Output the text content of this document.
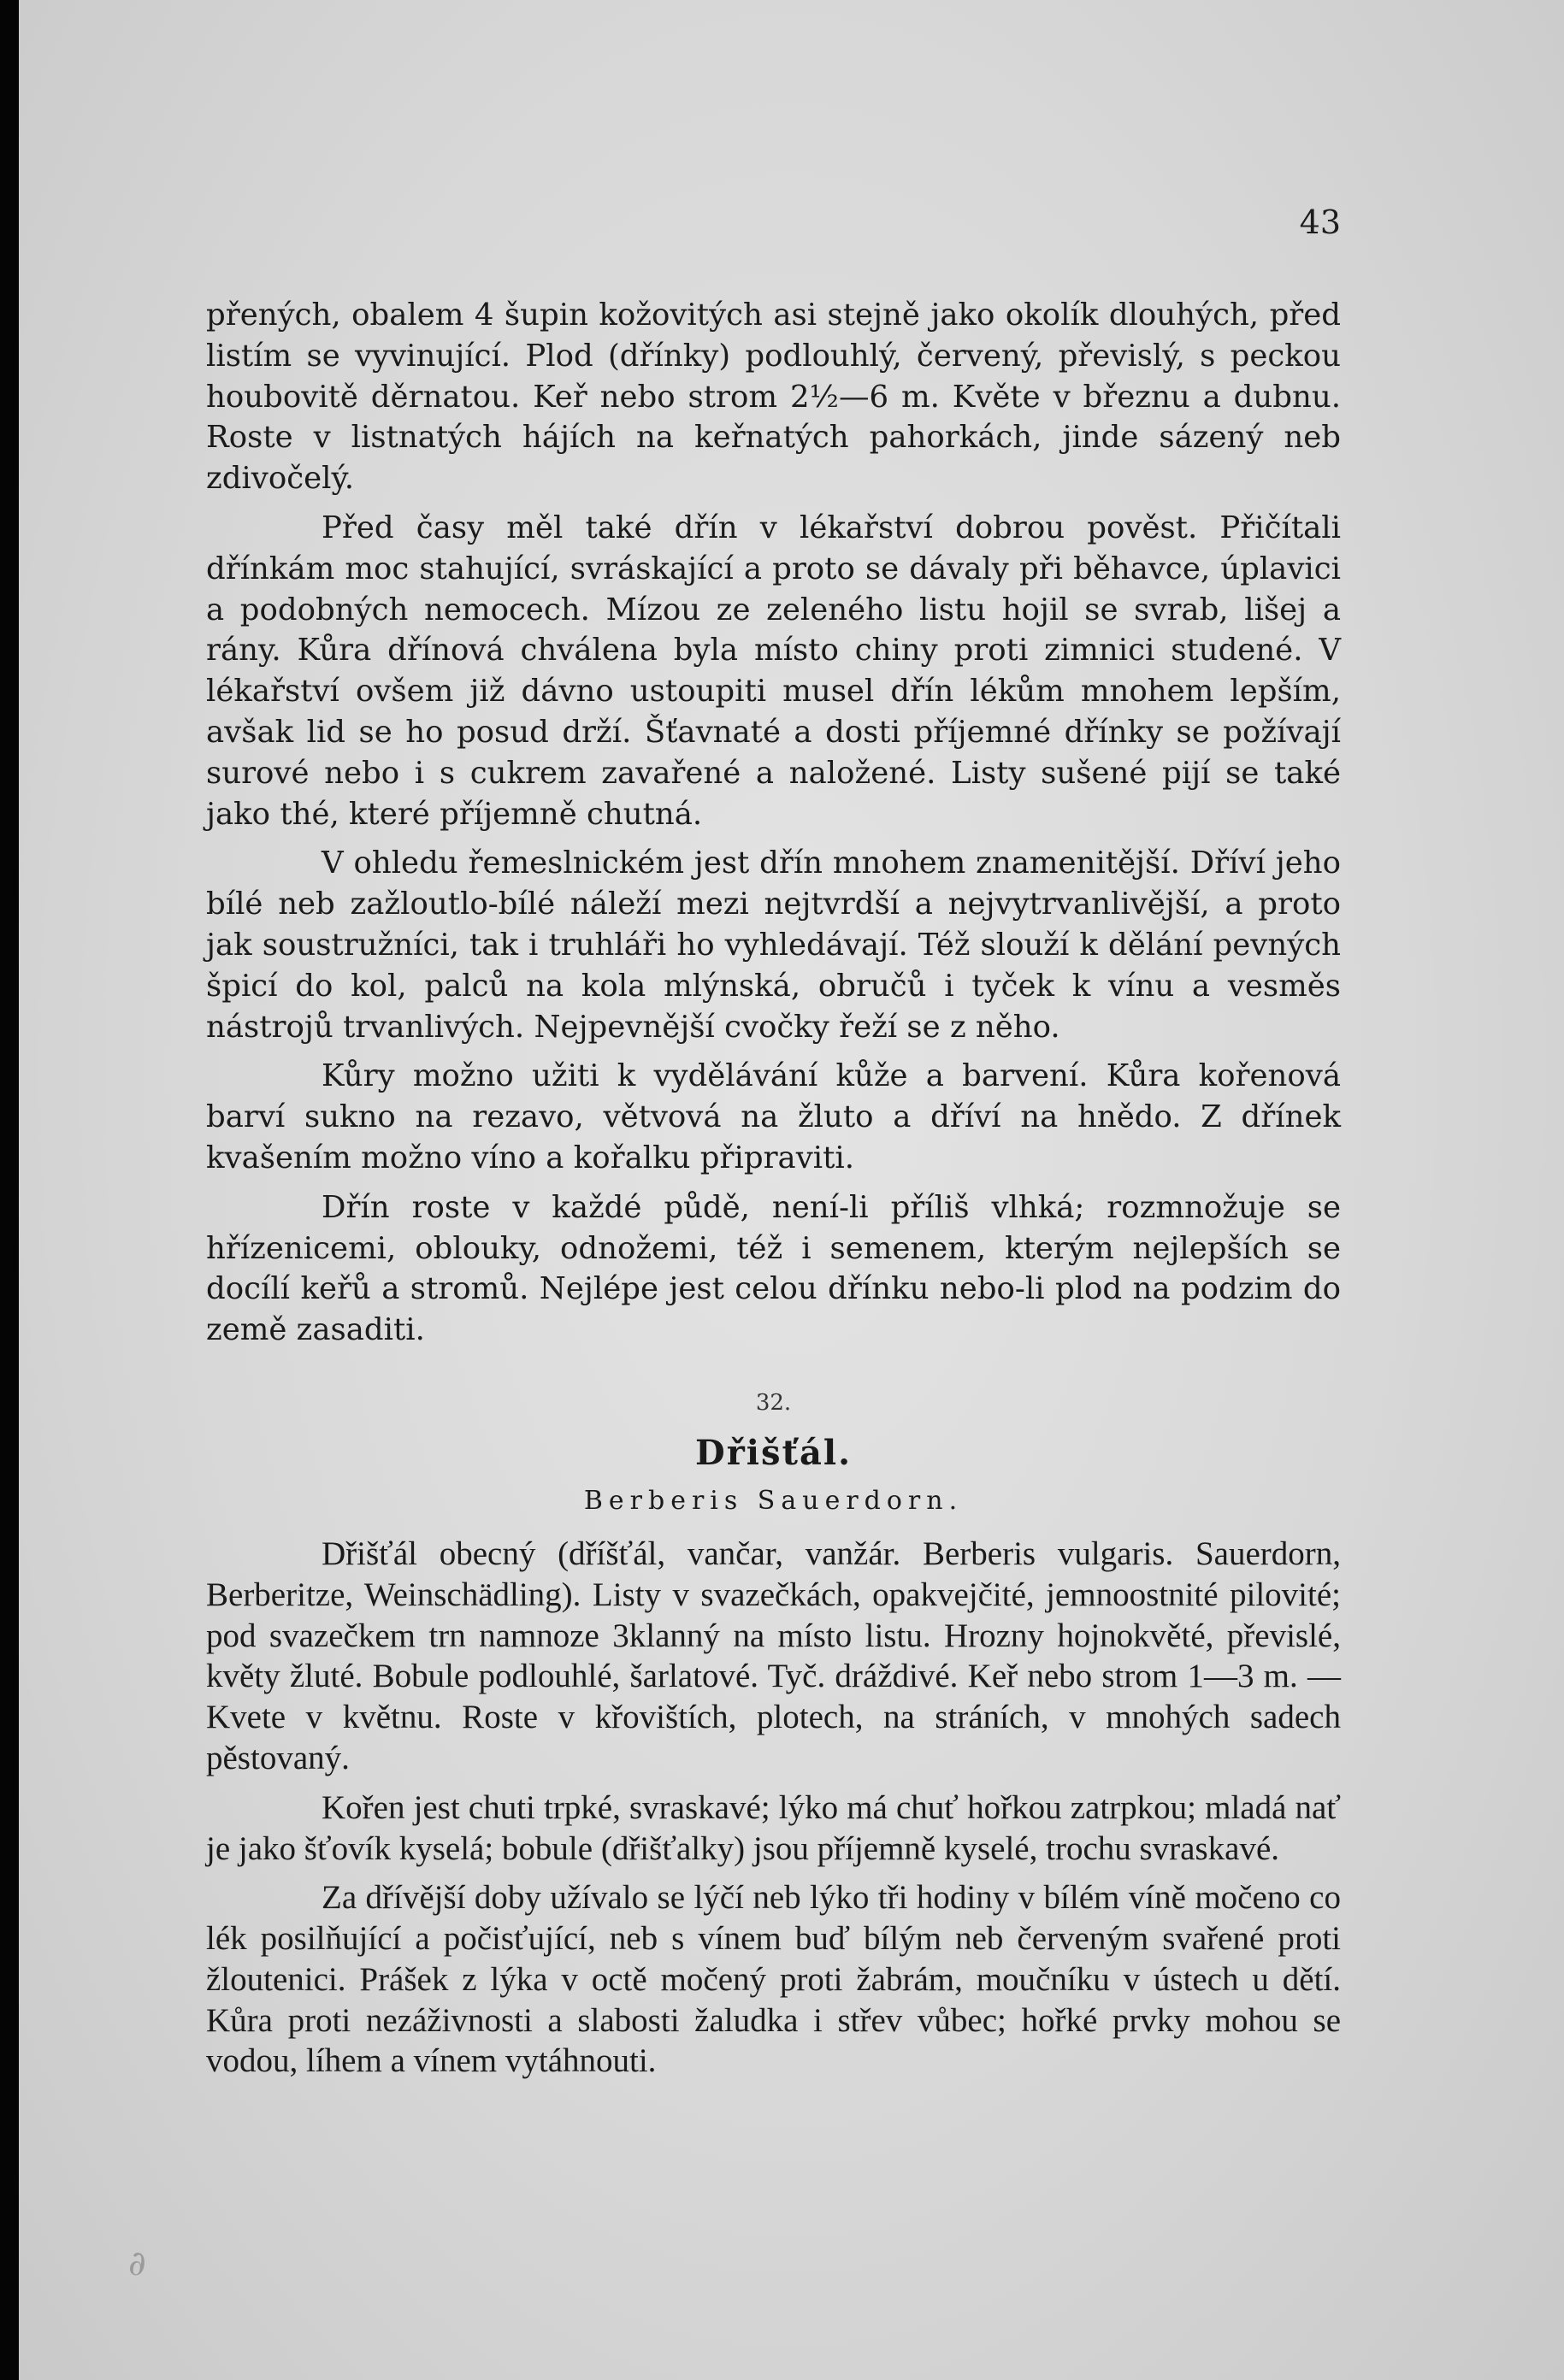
43

přených, obalem 4 šupin kožovitých asi stejně jako okolík dlouhých, před listím se vyvinující. Plod (dřínky) podlouhlý, červený, převislý, s peckou houbovitě děrnatou. Keř nebo strom 2½—6 m. Květe v březnu a dubnu. Roste v listnatých hájích na keřnatých pahorkách, jinde sázený neb zdivočelý.

Před časy měl také dřín v lékařství dobrou pověst. Přičítali dřínkám moc stahující, svráskající a proto se dávaly při běhavce, úplavici a podobných nemocech. Mízou ze zeleného listu hojil se svrab, lišej a rány. Kůra dřínová chválena byla místo chiny proti zimnici studené. V lékařství ovšem již dávno ustoupiti musel dřín lékům mnohem lepším, avšak lid se ho posud drží. Šťavnaté a dosti příjemné dřínky se požívají surové nebo i s cukrem zavařené a naložené. Listy sušené pijí se také jako thé, které příjemně chutná.

V ohledu řemeslnickém jest dřín mnohem znamenitější. Dříví jeho bílé neb zažloutlo-bílé náleží mezi nejtvrdší a nejvytrvanlivější, a proto jak soustružníci, tak i truhláři ho vyhledávají. Též slouží k dělání pevných špicí do kol, palců na kola mlýnská, obručů i tyček k vínu a vesměs nástrojů trvanlivých. Nejpevnější cvočky řeží se z něho.

Kůry možno užiti k vydělávání kůže a barvení. Kůra kořenová barví sukno na rezavo, větvová na žluto a dříví na hnědo. Z dřínek kvašením možno víno a kořalku připraviti.

Dřín roste v každé půdě, není-li příliš vlhká; rozmnožuje se hřízenicemi, oblouky, odnožemi, též i semenem, kterým nejlepších se docílí keřů a stromů. Nejlépe jest celou dřínku nebo-li plod na podzim do země zasaditi.

32.
Dřišťál.
Berberis Sauerdorn.

Dřišťál obecný (dříšťál, vančar, vanžár. Berberis vulgaris. Sauerdorn, Berberitze, Weinschädling). Listy v svazečkách, opakvejčité, jemnoostnité pilovité; pod svazečkem trn namnoze 3klanný na místo listu. Hrozny hojnokvěté, převislé, květy žluté. Bobule podlouhlé, šarlatové. Tyč. dráždivé. Keř nebo strom 1—3 m. — Kvete v květnu. Roste v křovištích, plotech, na stráních, v mnohých sadech pěstovaný.

Kořen jest chuti trpké, svraskavé; lýko má chuť hořkou zatrpkou; mladá nať je jako šťovík kyselá; bobule (dřišťalky) jsou příjemně kyselé, trochu svraskavé.

Za dřívější doby užívalo se lýčí neb lýko tři hodiny v bílém víně močeno co lék posilňující a počisťující, neb s vínem buď bílým neb červeným svařené proti žloutenici. Prášek z lýka v octě močený proti žabrám, moučníku v ústech u dětí. Kůra proti nezáživnosti a slabosti žaludka i střev vůbec; hořké prvky mohou se vodou, líhem a vínem vytáhnouti.

∂
